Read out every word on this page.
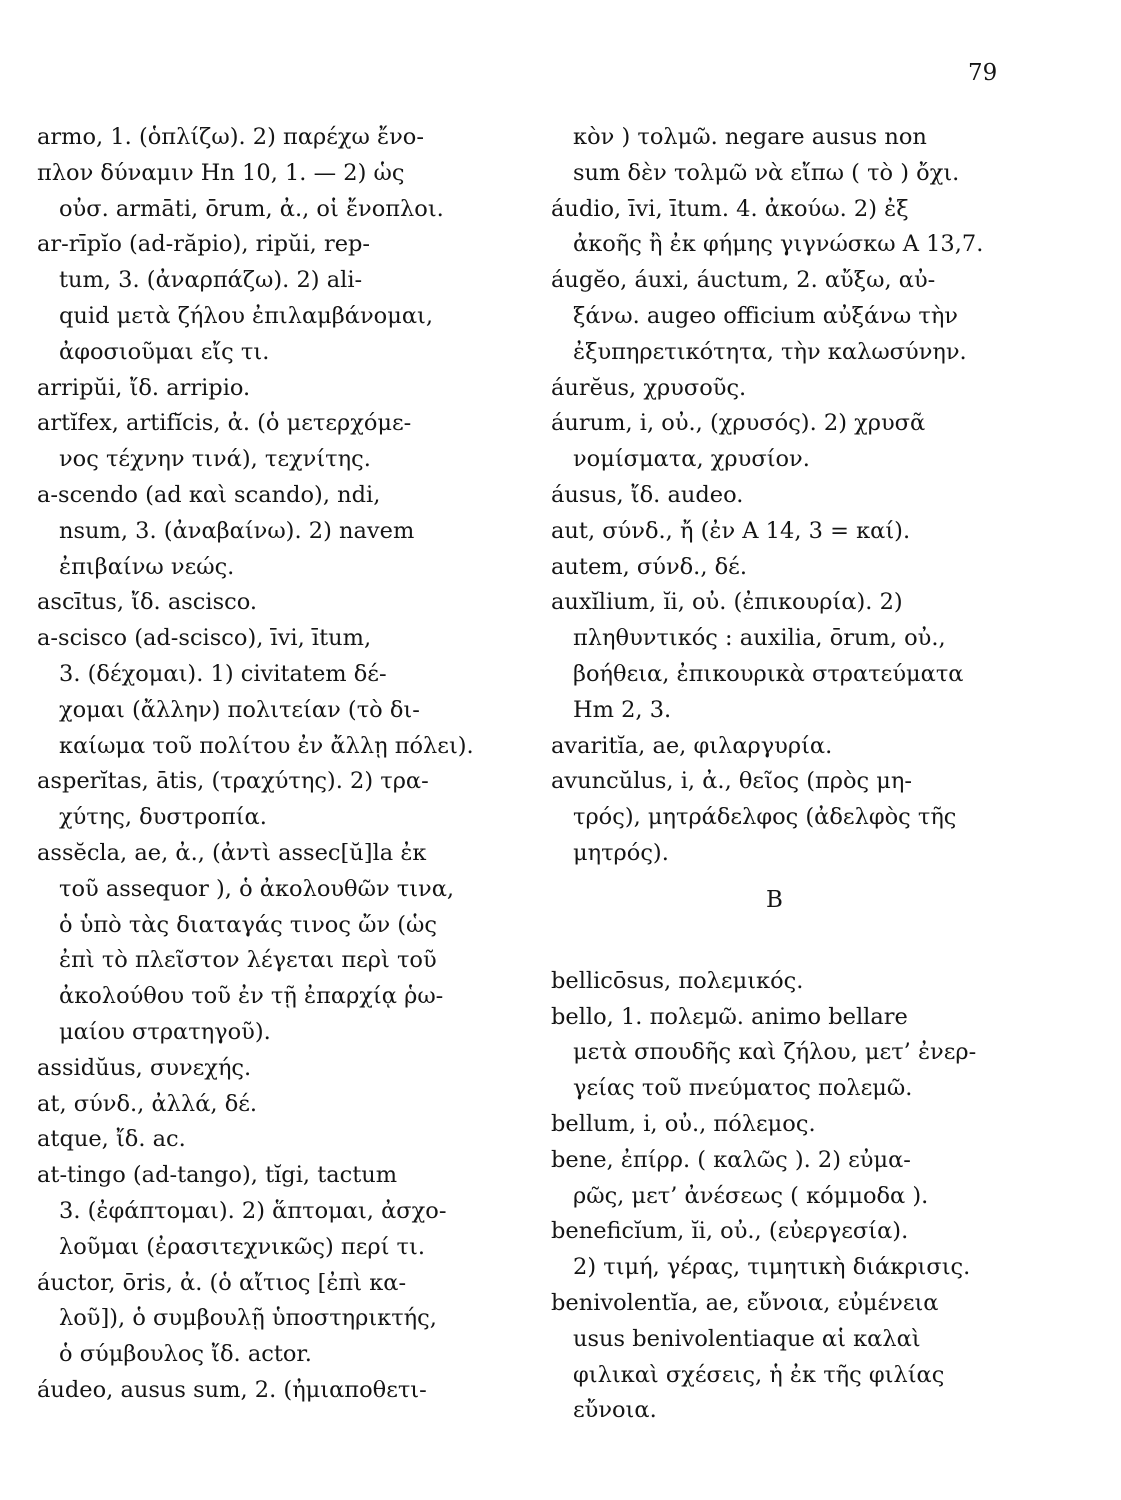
79
armo, 1. (ὁπλίζω). 2) παρέχω ἔνο-
πλον δύναμιν Hn 10, 1. — 2) ὡς
οὐσ. armāti, ōrum, ἀ., οἱ ἔνοπλοι.
ar-rīpĭo (ad-răpio), ripŭi, rep-
tum, 3. (ἀναρπάζω). 2) ali-
quid μετὰ ζήλου ἐπιλαμβάνομαι,
ἀφοσιοῦμαι εἴς τι.
arripŭi, ἴδ. arripio.
artĭfex, artifĭcis, ἀ. (ὁ μετερχόμε-
νος τέχνην τινά), τεχνίτης.
a-scendo (ad καὶ scando), ndi,
nsum, 3. (ἀναβαίνω). 2) navem
ἐπιβαίνω νεώς.
ascītus, ἴδ. ascisco.
a-scisco (ad-scisco), īvi, ītum,
3. (δέχομαι). 1) civitatem δέ-
χομαι (ἄλλην) πολιτείαν (τὸ δι-
καίωμα τοῦ πολίτου ἐν ἄλλῃ πόλει).
asperĭtas, ātis, (τραχύτης). 2) τρα-
χύτης, δυστροπία.
assĕcla, ae, ἀ., (ἀντὶ assec[ŭ]la ἐκ
τοῦ assequor ), ὁ ἀκολουθῶν τινα,
ὁ ὑπὸ τὰς διαταγάς τινος ὤν (ὡς
ἐπὶ τὸ πλεῖστον λέγεται περὶ τοῦ
ἀκολούθου τοῦ ἐν τῇ ἐπαρχίᾳ ῥω-
μαίου στρατηγοῦ).
assidŭus, συνεχής.
at, σύνδ., ἀλλά, δέ.
atque, ἴδ. ac.
at-tingo (ad-tango), tĭgi, tactum
3. (ἐφάπτομαι). 2) ἅπτομαι, ἀσχο-
λοῦμαι (ἐρασιτεχνικῶς) περί τι.
áuctor, ōris, ἀ. (ὁ αἴτιος [ἐπὶ κα-
λοῦ]), ὁ συμβουλῇ ὑποστηρικτής,
ὁ σύμβουλος ἴδ. actor.
áudeo, ausus sum, 2. (ἠμιαποθετι-
κὸν ) τολμῶ. negare ausus non
sum δὲν τολμῶ νὰ εἴπω ( τὸ ) ὄχι.
áudio, īvi, ītum. 4. ἀκούω. 2) ἐξ
ἀκοῆς ἢ ἐκ φήμης γιγνώσκω A 13,7.
áugĕo, áuxi, áuctum, 2. αὔξω, αὐ-
ξάνω. augeo officium αὐξάνω τὴν
ἐξυπηρετικότητα, τὴν καλωσύνην.
áurĕus, χρυσοῦς.
áurum, i, οὐ., (χρυσός). 2) χρυσᾶ
νομίσματα, χρυσίον.
áusus, ἴδ. audeo.
aut, σύνδ., ἤ (ἐν A 14, 3 = καί).
autem, σύνδ., δέ.
auxĭlium, ĭi, οὐ. (ἐπικουρία). 2)
πληθυντικός : auxilia, ōrum, οὐ.,
βοήθεια, ἐπικουρικὰ στρατεύματα
Hm 2, 3.
avaritĭa, ae, φιλαργυρία.
avuncŭlus, i, ἀ., θεῖος (πρὸς μη-
τρός), μητράδελφος (ἀδελφὸς τῆς
μητρός).
B
bellicōsus, πολεμικός.
bello, 1. πολεμῶ. animo bellare
μετὰ σπουδῆς καὶ ζήλου, μετ’ ἐνερ-
γείας τοῦ πνεύματος πολεμῶ.
bellum, i, οὐ., πόλεμος.
bene, ἐπίρρ. ( καλῶς ). 2) εὐμα-
ρῶς, μετ’ ἀνέσεως ( κόμμοδα ).
beneficĭum, ĭi, οὐ., (εὐεργεσία).
2) τιμή, γέρας, τιμητικὴ διάκρισις.
benivolentĭa, ae, εὔνοια, εὐμένεια
usus benivolentiaque αἱ καλαὶ
φιλικαὶ σχέσεις, ἡ ἐκ τῆς φιλίας
εὔνοια.
